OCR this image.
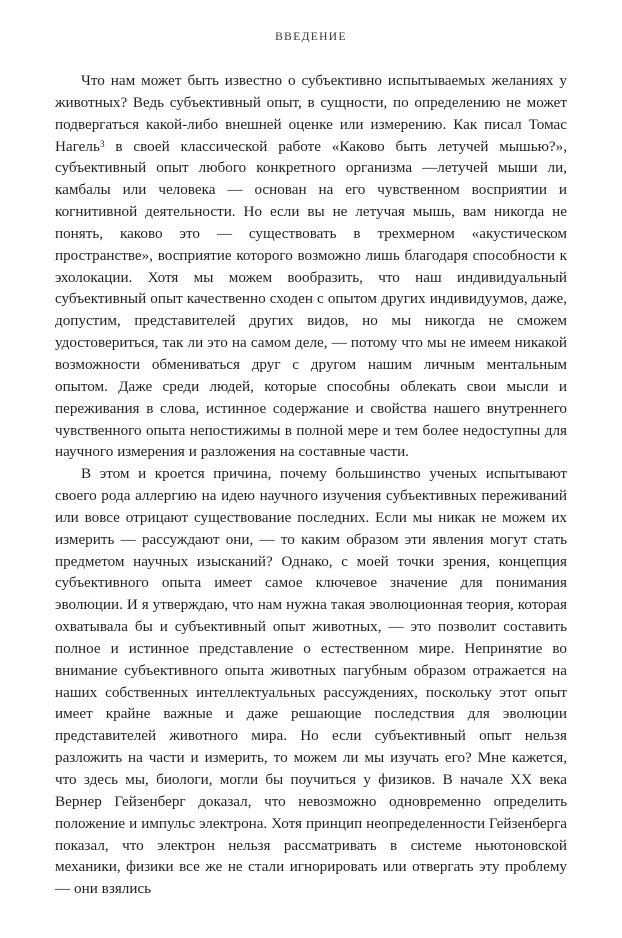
ВВЕДЕНИЕ

Что нам может быть известно о субъективно испытываемых желаниях у животных? Ведь субъективный опыт, в сущности, по определению не может подвергаться какой-либо внешней оценке или измерению. Как писал Томас Нагель$^3$ в своей классической работе «Каково быть летучей мышью?», субъективный опыт любого конкретного организма —летучей мыши ли, камбалы или человека — основан на его чувственном восприятии и когнитивной деятельности. Но если вы не летучая мышь, вам никогда не понять, каково это — существовать в трехмерном «акустическом пространстве», восприятие которого возможно лишь благодаря способности к эхолокации. Хотя мы можем вообразить, что наш индивидуальный субъективный опыт качественно сходен с опытом других индивидуумов, даже, допустим, представителей других видов, но мы никогда не сможем удостовериться, так ли это на самом деле, — потому что мы не имеем никакой возможности обмениваться друг с другом нашим личным ментальным опытом. Даже среди людей, которые способны облекать свои мысли и переживания в слова, истинное содержание и свойства нашего внутреннего чувственного опыта непостижимы в полной мере и тем более недоступны для научного измерения и разложения на составные части.

В этом и кроется причина, почему большинство ученых испытывают своего рода аллергию на идею научного изучения субъективных переживаний или вовсе отрицают существование последних. Если мы никак не можем их измерить — рассуждают они, — то каким образом эти явления могут стать предметом научных изысканий? Однако, с моей точки зрения, концепция субъективного опыта имеет самое ключевое значение для понимания эволюции. И я утверждаю, что нам нужна такая эволюционная теория, которая охватывала бы и субъективный опыт животных, — это позволит составить полное и истинное представление о естественном мире. Непринятие во внимание субъективного опыта животных пагубным образом отражается на наших собственных интеллектуальных рассуждениях, поскольку этот опыт имеет крайне важные и даже решающие последствия для эволюции представителей животного мира. Но если субъективный опыт нельзя разложить на части и измерить, то можем ли мы изучать его? Мне кажется, что здесь мы, биологи, могли бы поучиться у физиков. В начале XX века Вернер Гейзенберг доказал, что невозможно одновременно определить положение и импульс электрона. Хотя принцип неопределенности Гейзенберга показал, что электрон нельзя рассматривать в системе ньютоновской механики, физики все же не стали игнорировать или отвергать эту проблему — они взялись
